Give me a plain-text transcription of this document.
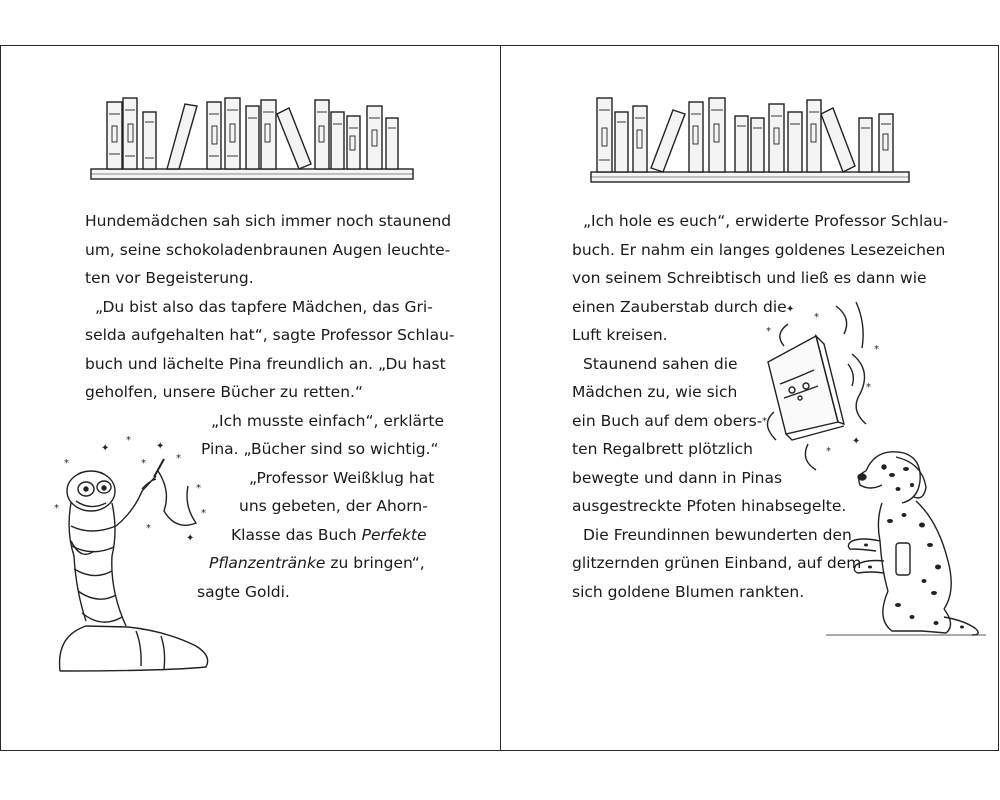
Hundemädchen sah sich immer noch staunend
um, seine schokoladenbraunen Augen leuchte-
ten vor Begeisterung.
„Du bist also das tapfere Mädchen, das Gri-
selda aufgehalten hat“, sagte Professor Schlau-
buch und lächelte Pina freundlich an. „Du hast
geholfen, unsere Bücher zu retten.“
„Ich musste einfach“, erklärte
Pina. „Bücher sind so wichtig.“
„Professor Weißklug hat
uns gebeten, der Ahorn-
Klasse das Buch Perfekte
Pflanzentränke zu bringen“,
sagte Goldi.
*
✦
*
✦
*
*
*
✦
*
*
*
„Ich hole es euch“, erwiderte Professor Schlau-
buch. Er nahm ein langes goldenes Lesezeichen
von seinem Schreibtisch und ließ es dann wie
einen Zauberstab durch die
Luft kreisen.
Staunend sahen die
Mädchen zu, wie sich
ein Buch auf dem obers-
ten Regalbrett plötzlich
bewegte und dann in Pinas
ausgestreckte Pfoten hinabsegelte.
Die Freundinnen bewunderten den
glitzernden grünen Einband, auf dem
sich goldene Blumen rankten.
*
✦
*
*
*
✦
*
*
